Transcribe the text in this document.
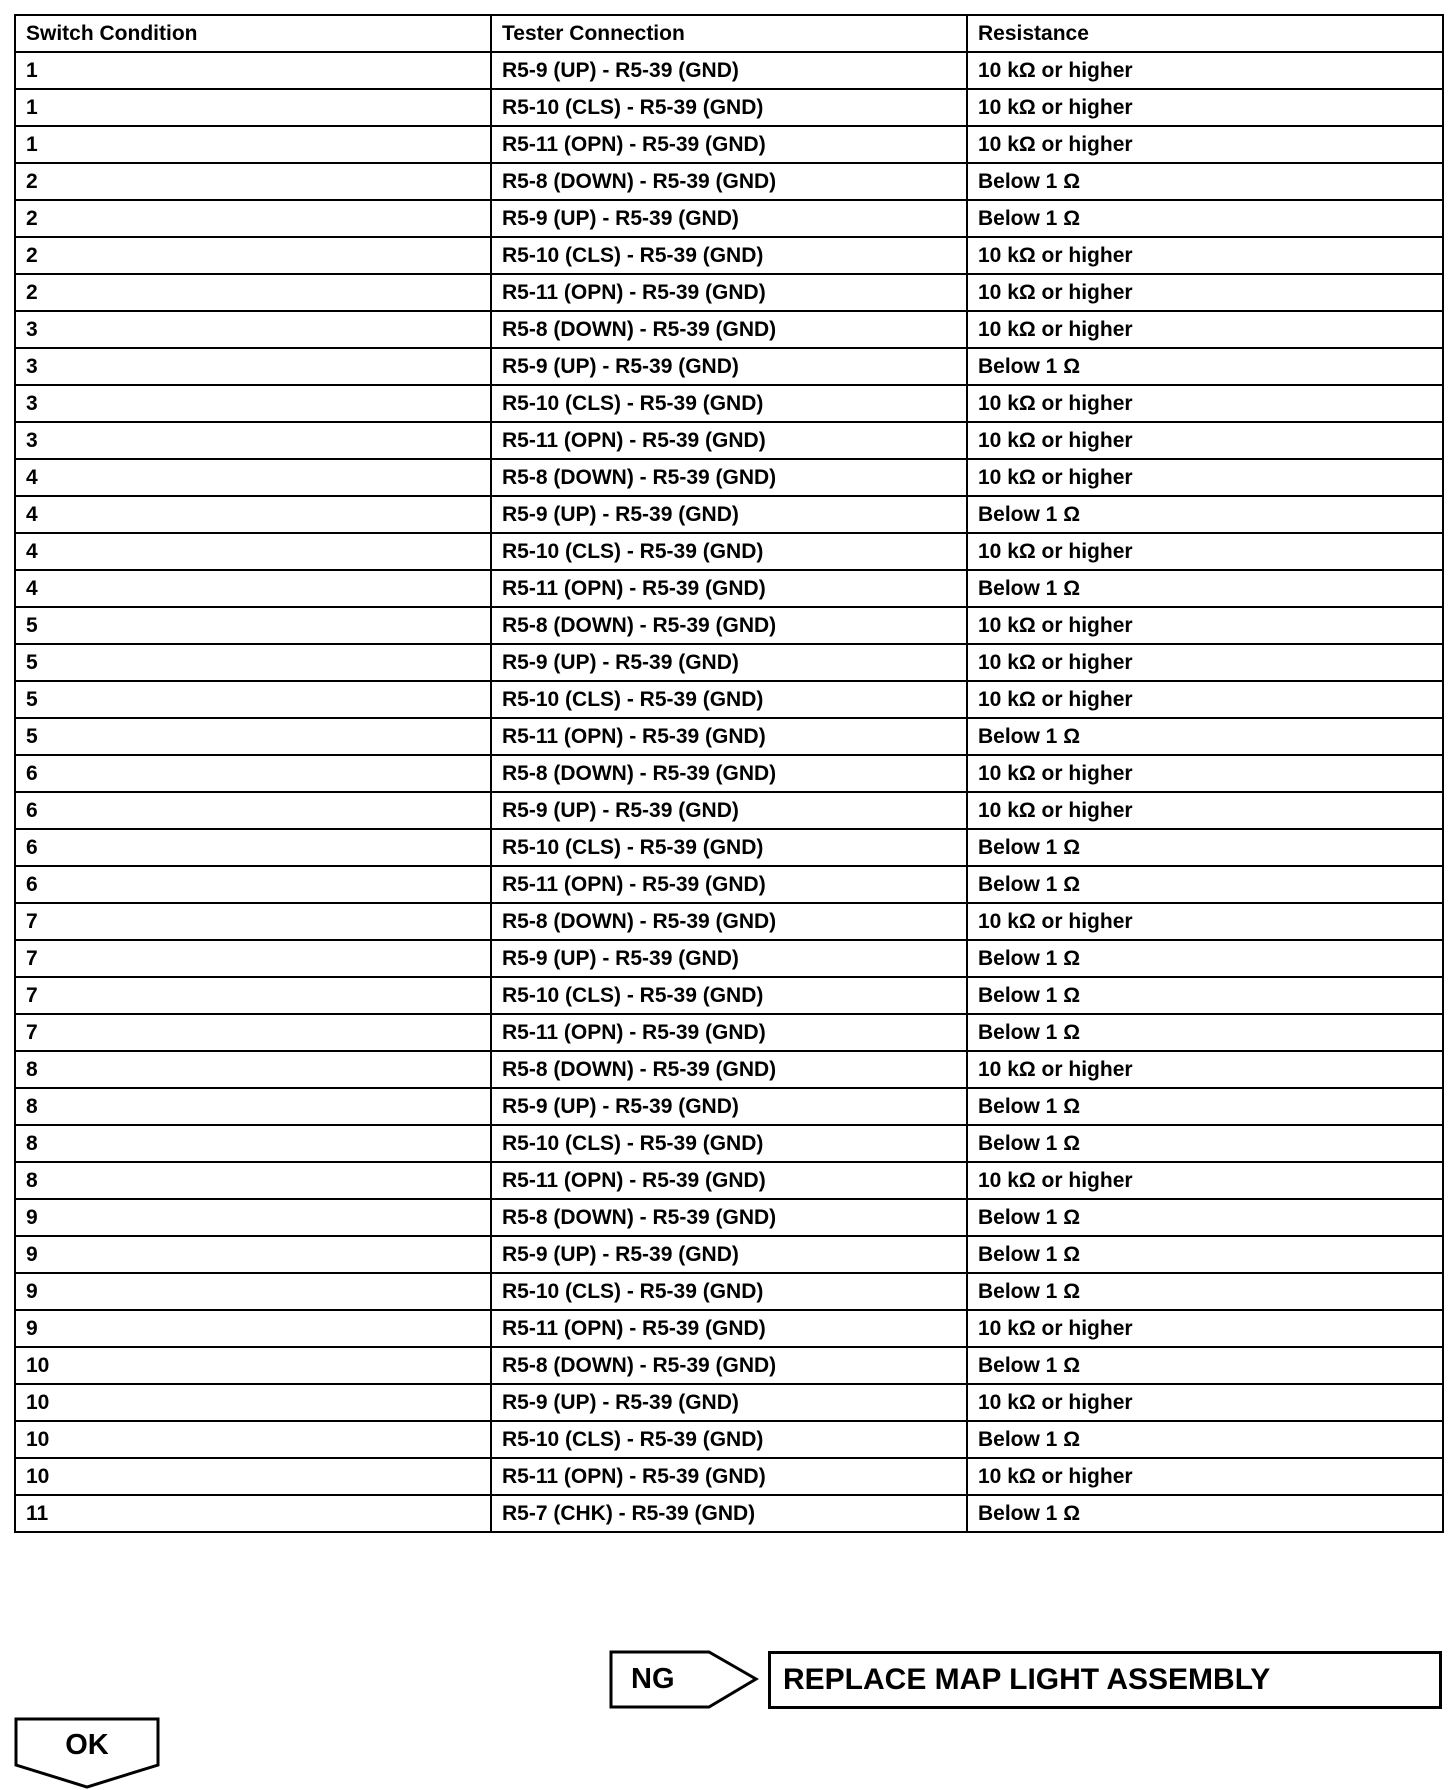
Switch Condition	Tester Connection	Resistance
1	R5-9 (UP) - R5-39 (GND)	10 kΩ or higher
1	R5-10 (CLS) - R5-39 (GND)	10 kΩ or higher
1	R5-11 (OPN) - R5-39 (GND)	10 kΩ or higher
2	R5-8 (DOWN) - R5-39 (GND)	Below 1 Ω
2	R5-9 (UP) - R5-39 (GND)	Below 1 Ω
2	R5-10 (CLS) - R5-39 (GND)	10 kΩ or higher
2	R5-11 (OPN) - R5-39 (GND)	10 kΩ or higher
3	R5-8 (DOWN) - R5-39 (GND)	10 kΩ or higher
3	R5-9 (UP) - R5-39 (GND)	Below 1 Ω
3	R5-10 (CLS) - R5-39 (GND)	10 kΩ or higher
3	R5-11 (OPN) - R5-39 (GND)	10 kΩ or higher
4	R5-8 (DOWN) - R5-39 (GND)	10 kΩ or higher
4	R5-9 (UP) - R5-39 (GND)	Below 1 Ω
4	R5-10 (CLS) - R5-39 (GND)	10 kΩ or higher
4	R5-11 (OPN) - R5-39 (GND)	Below 1 Ω
5	R5-8 (DOWN) - R5-39 (GND)	10 kΩ or higher
5	R5-9 (UP) - R5-39 (GND)	10 kΩ or higher
5	R5-10 (CLS) - R5-39 (GND)	10 kΩ or higher
5	R5-11 (OPN) - R5-39 (GND)	Below 1 Ω
6	R5-8 (DOWN) - R5-39 (GND)	10 kΩ or higher
6	R5-9 (UP) - R5-39 (GND)	10 kΩ or higher
6	R5-10 (CLS) - R5-39 (GND)	Below 1 Ω
6	R5-11 (OPN) - R5-39 (GND)	Below 1 Ω
7	R5-8 (DOWN) - R5-39 (GND)	10 kΩ or higher
7	R5-9 (UP) - R5-39 (GND)	Below 1 Ω
7	R5-10 (CLS) - R5-39 (GND)	Below 1 Ω
7	R5-11 (OPN) - R5-39 (GND)	Below 1 Ω
8	R5-8 (DOWN) - R5-39 (GND)	10 kΩ or higher
8	R5-9 (UP) - R5-39 (GND)	Below 1 Ω
8	R5-10 (CLS) - R5-39 (GND)	Below 1 Ω
8	R5-11 (OPN) - R5-39 (GND)	10 kΩ or higher
9	R5-8 (DOWN) - R5-39 (GND)	Below 1 Ω
9	R5-9 (UP) - R5-39 (GND)	Below 1 Ω
9	R5-10 (CLS) - R5-39 (GND)	Below 1 Ω
9	R5-11 (OPN) - R5-39 (GND)	10 kΩ or higher
10	R5-8 (DOWN) - R5-39 (GND)	Below 1 Ω
10	R5-9 (UP) - R5-39 (GND)	10 kΩ or higher
10	R5-10 (CLS) - R5-39 (GND)	Below 1 Ω
10	R5-11 (OPN) - R5-39 (GND)	10 kΩ or higher
11	R5-7 (CHK) - R5-39 (GND)	Below 1 Ω
NG	REPLACE MAP LIGHT ASSEMBLY
OK
